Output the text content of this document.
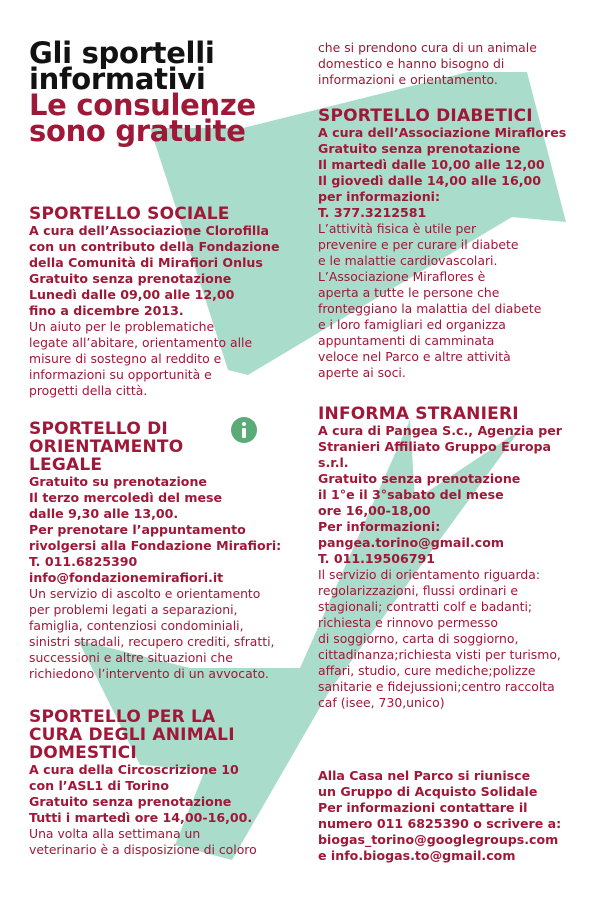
Gli sportelli
informativi
Le consulenze
sono gratuite
SPORTELLO SOCIALE
A cura dell’Associazione Clorofilla
con un contributo della Fondazione
della Comunità di Mirafiori Onlus
Gratuito senza prenotazione
Lunedì dalle 09,00 alle 12,00
fino a dicembre 2013.
Un aiuto per le problematiche
legate all’abitare, orientamento alle
misure di sostegno al reddito e
informazioni su opportunità e
progetti della città.
SPORTELLO DI
ORIENTAMENTO
LEGALE
Gratuito su prenotazione
Il terzo mercoledì del mese
dalle 9,30 alle 13,00.
Per prenotare l’appuntamento
rivolgersi alla Fondazione Mirafiori:
T. 011.6825390
info@fondazionemirafiori.it
Un servizio di ascolto e orientamento
per problemi legati a separazioni,
famiglia, contenziosi condominiali,
sinistri stradali, recupero crediti, sfratti,
successioni e altre situazioni che
richiedono l’intervento di un avvocato.
SPORTELLO PER LA
CURA DEGLI ANIMALI
DOMESTICI
A cura della Circoscrizione 10
con l’ASL1 di Torino
Gratuito senza prenotazione
Tutti i martedì ore 14,00-16,00.
Una volta alla settimana un
veterinario è a disposizione di coloro
che si prendono cura di un animale
domestico e hanno bisogno di
informazioni e orientamento.
SPORTELLO DIABETICI
A cura dell’Associazione Miraflores
Gratuito senza prenotazione
Il martedì dalle 10,00 alle 12,00
Il giovedì dalle 14,00 alle 16,00
per informazioni:
T. 377.3212581
L’attività fisica è utile per
prevenire e per curare il diabete
e le malattie cardiovascolari.
L’Associazione Miraflores è
aperta a tutte le persone che
fronteggiano la malattia del diabete
e i loro famigliari ed organizza
appuntamenti di camminata
veloce nel Parco e altre attività
aperte ai soci.
INFORMA STRANIERI
A cura di Pangea S.c., Agenzia per
Stranieri Affiliato Gruppo Europa s.r.l.
Gratuito senza prenotazione
il 1°e il 3°sabato del mese
ore 16,00-18,00
Per informazioni:
pangea.torino@gmail.com
T. 011.19506791
Il servizio di orientamento riguarda:
regolarizzazioni, flussi ordinari e
stagionali; contratti colf e badanti;
richiesta e rinnovo permesso
di soggiorno, carta di soggiorno,
cittadinanza;richiesta visti per turismo,
affari, studio, cure mediche;polizze
sanitarie e fidejussioni;centro raccolta
caf (isee, 730,unico)
Alla Casa nel Parco si riunisce
un Gruppo di Acquisto Solidale
Per informazioni contattare il
numero 011 6825390 o scrivere a:
biogas_torino@googlegroups.com
e info.biogas.to@gmail.com
